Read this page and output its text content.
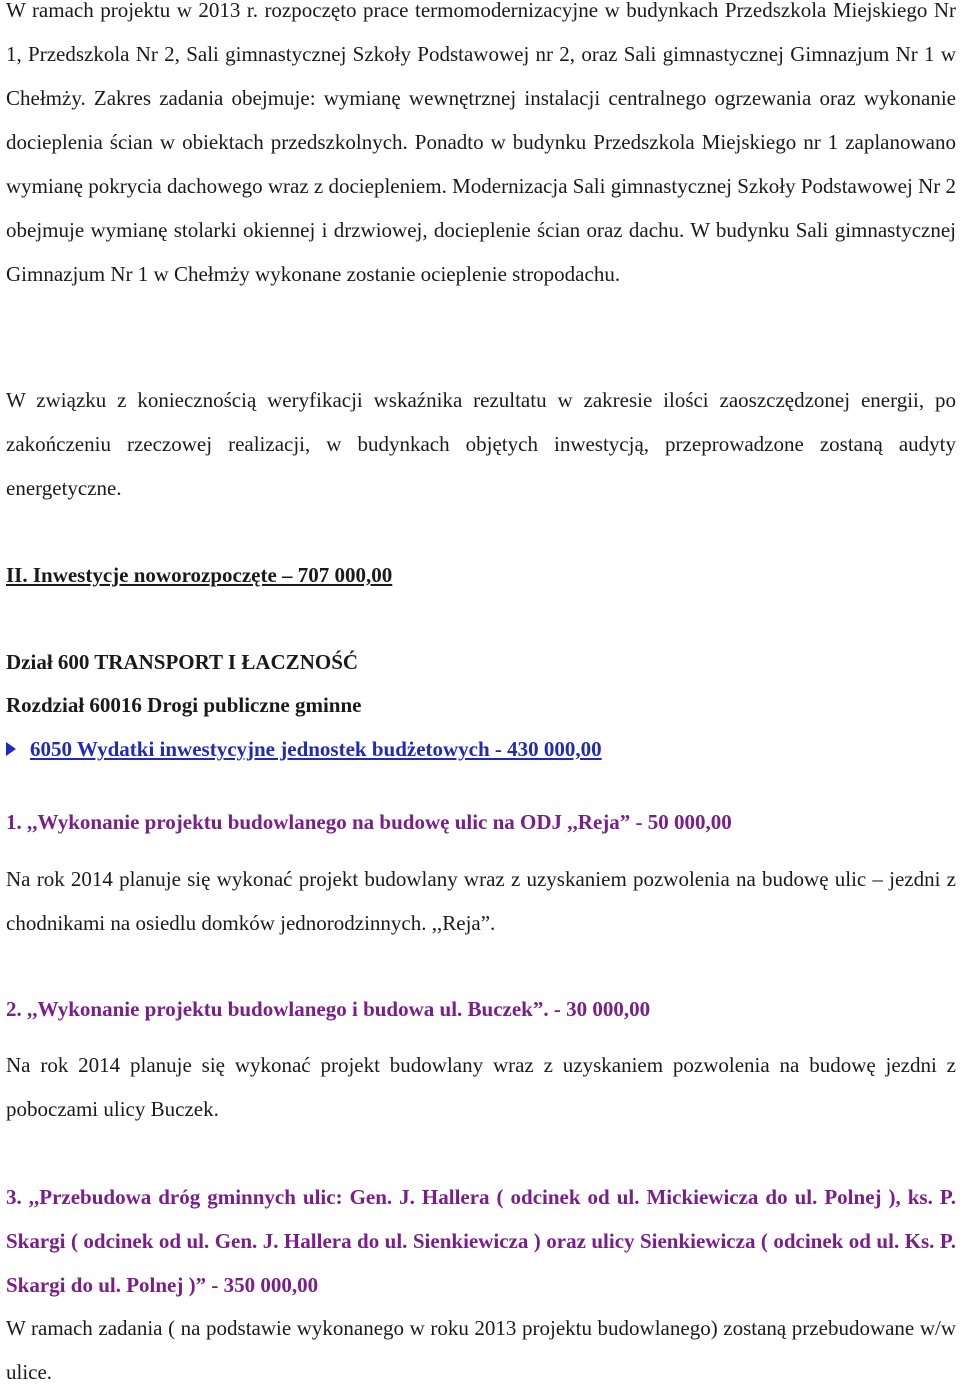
W ramach projektu w 2013 r. rozpoczęto prace termomodernizacyjne w budynkach Przedszkola Miejskiego Nr 1, Przedszkola Nr 2, Sali gimnastycznej Szkoły Podstawowej nr 2, oraz Sali gimnastycznej Gimnazjum Nr 1 w Chełmży. Zakres zadania obejmuje: wymianę wewnętrznej instalacji centralnego ogrzewania oraz wykonanie docieplenia ścian w obiektach przedszkolnych. Ponadto w budynku Przedszkola Miejskiego nr 1 zaplanowano wymianę pokrycia dachowego wraz z dociepleniem. Modernizacja Sali gimnastycznej Szkoły Podstawowej Nr 2 obejmuje wymianę stolarki okiennej i drzwiowej, docieplenie ścian oraz dachu. W budynku Sali gimnastycznej Gimnazjum Nr 1 w Chełmży wykonane zostanie ocieplenie stropodachu.

W związku z koniecznością weryfikacji wskaźnika rezultatu w zakresie ilości zaoszczędzonej energii, po zakończeniu rzeczowej realizacji, w budynkach objętych inwestycją, przeprowadzone zostaną audyty energetyczne.

II. Inwestycje noworozpoczęte – 707 000,00

Dział 600 TRANSPORT I ŁACZNOŚĆ

Rozdział 60016 Drogi publiczne gminne

6050 Wydatki inwestycyjne jednostek budżetowych - 430 000,00

1. ,,Wykonanie projektu budowlanego na budowę ulic na ODJ ,,Reja” - 50 000,00

Na rok 2014 planuje się wykonać projekt budowlany wraz z uzyskaniem pozwolenia na budowę ulic – jezdni z chodnikami na osiedlu domków jednorodzinnych. ,,Reja”.

2. ,,Wykonanie projektu budowlanego i budowa ul. Buczek”. - 30 000,00

Na rok 2014 planuje się wykonać projekt budowlany wraz z uzyskaniem pozwolenia na budowę jezdni z poboczami ulicy Buczek.

3. ,,Przebudowa dróg gminnych ulic: Gen. J. Hallera ( odcinek od ul. Mickiewicza do ul. Polnej ), ks. P. Skargi ( odcinek od ul. Gen. J. Hallera do ul. Sienkiewicza ) oraz ulicy Sienkiewicza ( odcinek od ul. Ks. P. Skargi do ul. Polnej )” - 350 000,00

W ramach zadania ( na podstawie wykonanego w roku 2013 projektu budowlanego) zostaną przebudowane w/w ulice.
